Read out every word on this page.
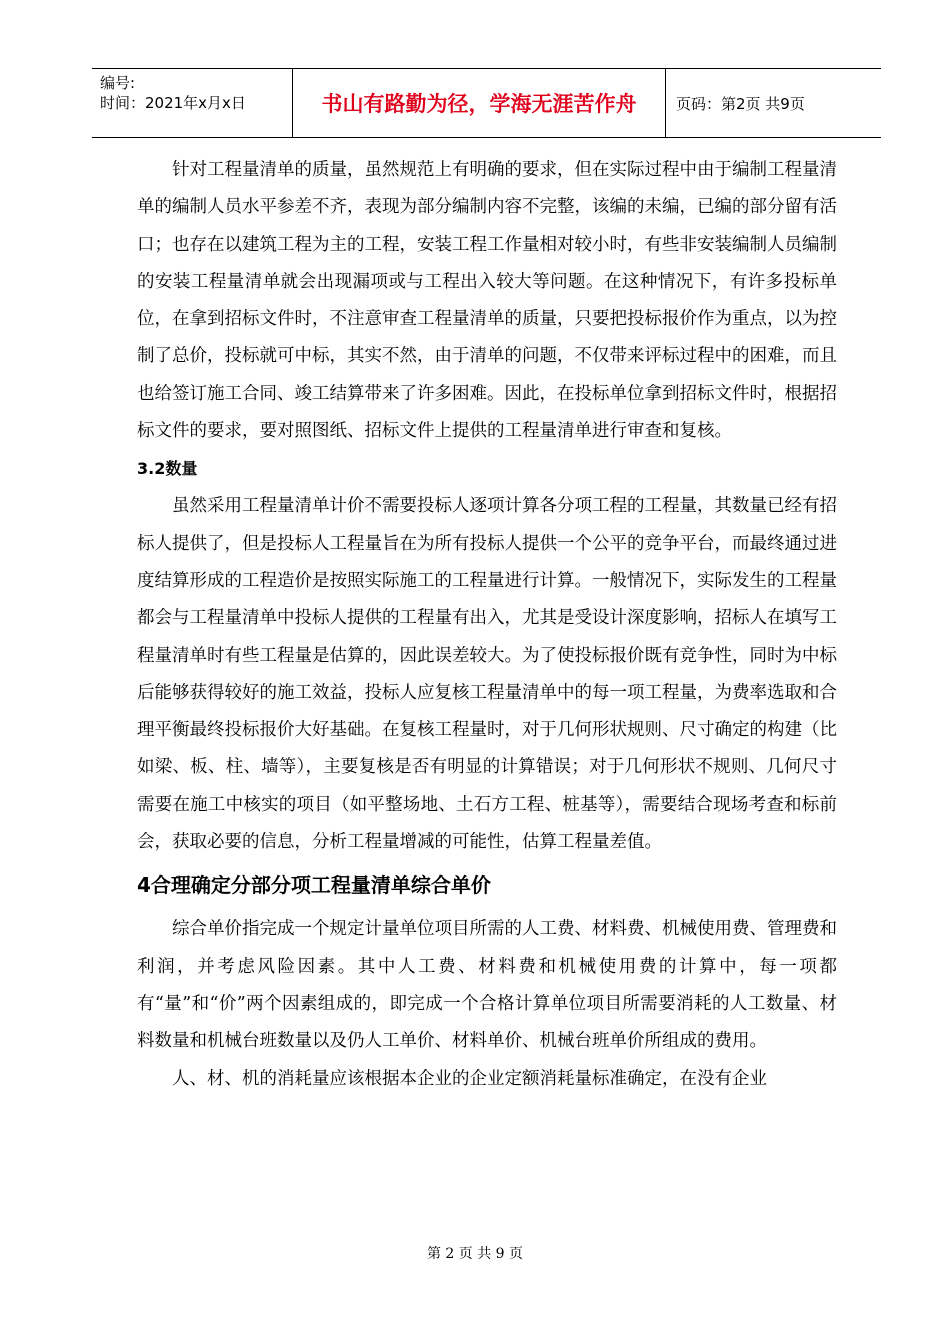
编号:
时间：2021年x月x日	书山有路勤为径，学海无涯苦作舟	页码：第2页 共9页

针对工程量清单的质量，虽然规范上有明确的要求，但在实际过程中由于编制工程量清单的编制人员水平参差不齐，表现为部分编制内容不完整，该编的未编，已编的部分留有活口；也存在以建筑工程为主的工程，安装工程工作量相对较小时，有些非安装编制人员编制的安装工程量清单就会出现漏项或与工程出入较大等问题。在这种情况下，有许多投标单位，在拿到招标文件时，不注意审查工程量清单的质量，只要把投标报价作为重点，以为控制了总价，投标就可中标，其实不然，由于清单的问题，不仅带来评标过程中的困难，而且也给签订施工合同、竣工结算带来了许多困难。因此，在投标单位拿到招标文件时，根据招标文件的要求，要对照图纸、招标文件上提供的工程量清单进行审查和复核。

3.2数量

虽然采用工程量清单计价不需要投标人逐项计算各分项工程的工程量，其数量已经有招标人提供了，但是投标人工程量旨在为所有投标人提供一个公平的竞争平台，而最终通过进度结算形成的工程造价是按照实际施工的工程量进行计算。一般情况下，实际发生的工程量都会与工程量清单中投标人提供的工程量有出入，尤其是受设计深度影响，招标人在填写工程量清单时有些工程量是估算的，因此误差较大。为了使投标报价既有竞争性，同时为中标后能够获得较好的施工效益，投标人应复核工程量清单中的每一项工程量，为费率选取和合理平衡最终投标报价大好基础。在复核工程量时，对于几何形状规则、尺寸确定的构建（比如梁、板、柱、墙等），主要复核是否有明显的计算错误；对于几何形状不规则、几何尺寸需要在施工中核实的项目（如平整场地、土石方工程、桩基等），需要结合现场考查和标前会，获取必要的信息，分析工程量增减的可能性，估算工程量差值。

4合理确定分部分项工程量清单综合单价

综合单价指完成一个规定计量单位项目所需的人工费、材料费、机械使用费、管理费和利润，并考虑风险因素。其中人工费、材料费和机械使用费的计算中，每一项都有“量”和“价”两个因素组成的，即完成一个合格计算单位项目所需要消耗的人工数量、材料数量和机械台班数量以及仍人工单价、材料单价、机械台班单价所组成的费用。

人、材、机的消耗量应该根据本企业的企业定额消耗量标准确定，在没有企业

第 2 页 共 9 页
